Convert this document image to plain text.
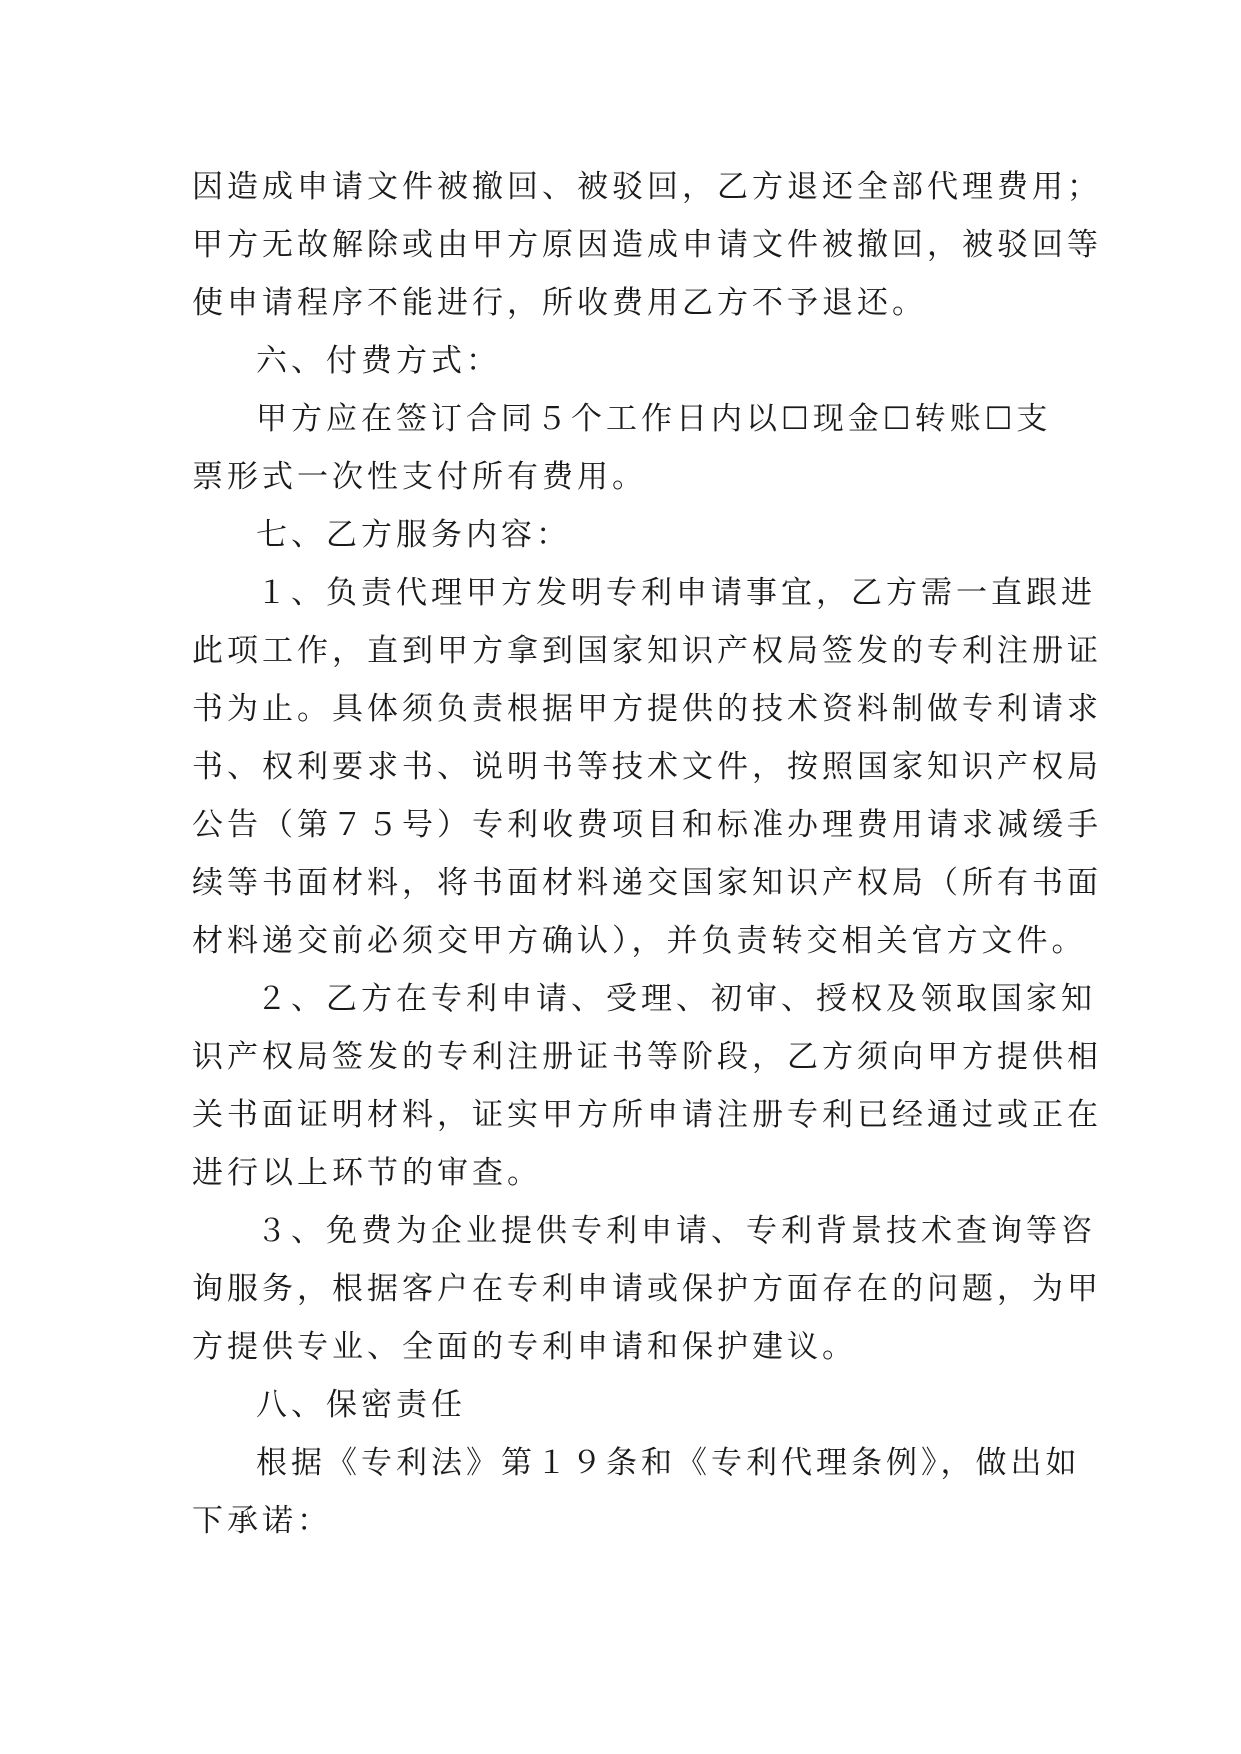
因造成申请文件被撤回、被驳回，乙方退还全部代理费用；
甲方无故解除或由甲方原因造成申请文件被撤回，被驳回等
使申请程序不能进行，所收费用乙方不予退还。
六、付费方式：
甲方应在签订合同５个工作日内以☐现金☐转账☐支
票形式一次性支付所有费用。
七、乙方服务内容：
１、负责代理甲方发明专利申请事宜，乙方需一直跟进
此项工作，直到甲方拿到国家知识产权局签发的专利注册证
书为止。具体须负责根据甲方提供的技术资料制做专利请求
书、权利要求书、说明书等技术文件，按照国家知识产权局
公告（第７５号）专利收费项目和标准办理费用请求减缓手
续等书面材料，将书面材料递交国家知识产权局（所有书面
材料递交前必须交甲方确认），并负责转交相关官方文件。
２、乙方在专利申请、受理、初审、授权及领取国家知
识产权局签发的专利注册证书等阶段，乙方须向甲方提供相
关书面证明材料，证实甲方所申请注册专利已经通过或正在
进行以上环节的审查。
３、免费为企业提供专利申请、专利背景技术查询等咨
询服务，根据客户在专利申请或保护方面存在的问题，为甲
方提供专业、全面的专利申请和保护建议。
八、保密责任
根据《专利法》第１９条和《专利代理条例》，做出如
下承诺：
